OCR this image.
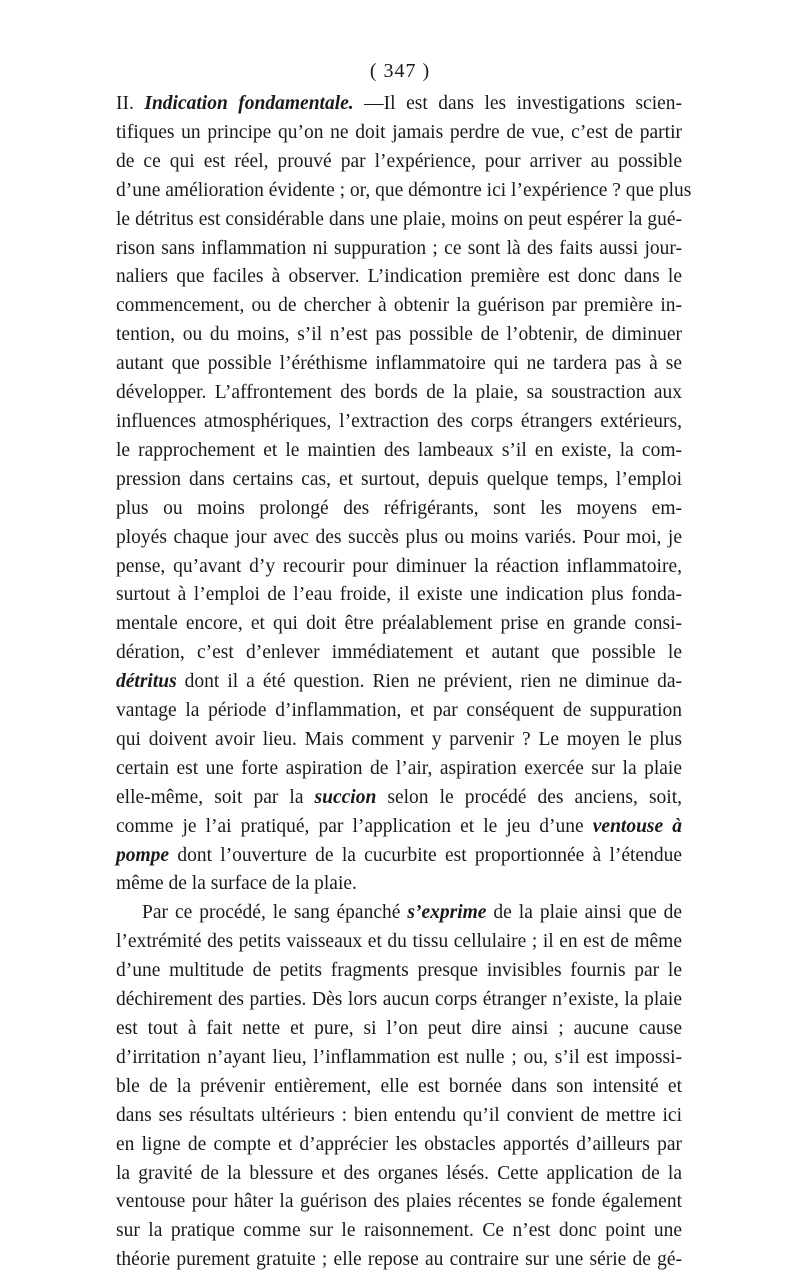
( 347 )
II. Indication fondamentale. —Il est dans les investigations scien-
tifiques un principe qu’on ne doit jamais perdre de vue, c’est de partir
de ce qui est réel, prouvé par l’expérience, pour arriver au possible
d’une amélioration évidente ; or, que démontre ici l’expérience ? que plus
le détritus est considérable dans une plaie, moins on peut espérer la gué-
rison sans inflammation ni suppuration ; ce sont là des faits aussi jour-
naliers que faciles à observer. L’indication première est donc dans le
commencement, ou de chercher à obtenir la guérison par première in-
tention, ou du moins, s’il n’est pas possible de l’obtenir, de diminuer
autant que possible l’éréthisme inflammatoire qui ne tardera pas à se
développer. L’affrontement des bords de la plaie, sa soustraction aux
influences atmosphériques, l’extraction des corps étrangers extérieurs,
le rapprochement et le maintien des lambeaux s’il en existe, la com-
pression dans certains cas, et surtout, depuis quelque temps, l’emploi
plus ou moins prolongé des réfrigérants, sont les moyens em-
ployés chaque jour avec des succès plus ou moins variés. Pour moi, je
pense, qu’avant d’y recourir pour diminuer la réaction inflammatoire,
surtout à l’emploi de l’eau froide, il existe une indication plus fonda-
mentale encore, et qui doit être préalablement prise en grande consi-
dération, c’est d’enlever immédiatement et autant que possible le
détritus dont il a été question. Rien ne prévient, rien ne diminue da-
vantage la période d’inflammation, et par conséquent de suppuration
qui doivent avoir lieu. Mais comment y parvenir ? Le moyen le plus
certain est une forte aspiration de l’air, aspiration exercée sur la plaie
elle-même, soit par la succion selon le procédé des anciens, soit,
comme je l’ai pratiqué, par l’application et le jeu d’une ventouse à
pompe dont l’ouverture de la cucurbite est proportionnée à l’étendue
même de la surface de la plaie.
Par ce procédé, le sang épanché s’exprime de la plaie ainsi que de
l’extrémité des petits vaisseaux et du tissu cellulaire ; il en est de même
d’une multitude de petits fragments presque invisibles fournis par le
déchirement des parties. Dès lors aucun corps étranger n’existe, la plaie
est tout à fait nette et pure, si l’on peut dire ainsi ; aucune cause
d’irritation n’ayant lieu, l’inflammation est nulle ; ou, s’il est impossi-
ble de la prévenir entièrement, elle est bornée dans son intensité et
dans ses résultats ultérieurs : bien entendu qu’il convient de mettre ici
en ligne de compte et d’apprécier les obstacles apportés d’ailleurs par
la gravité de la blessure et des organes lésés. Cette application de la
ventouse pour hâter la guérison des plaies récentes se fonde également
sur la pratique comme sur le raisonnement. Ce n’est donc point une
théorie purement gratuite ; elle repose au contraire sur une série de gé-
